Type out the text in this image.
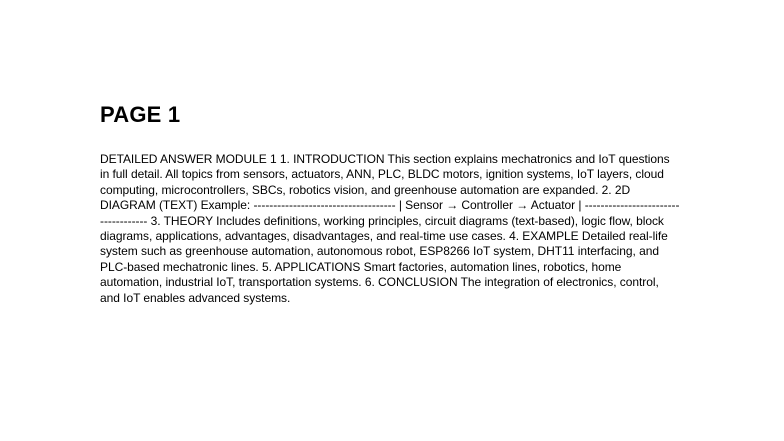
PAGE 1

DETAILED ANSWER MODULE 1 1. INTRODUCTION This section explains mechatronics and IoT questions in full detail. All topics from sensors, actuators, ANN, PLC, BLDC motors, ignition systems, IoT layers, cloud computing, microcontrollers, SBCs, robotics vision, and greenhouse automation are expanded. 2. 2D DIAGRAM (TEXT) Example: ------------------------------------ | Sensor → Controller → Actuator | ------------------------------------ 3. THEORY Includes definitions, working principles, circuit diagrams (text-based), logic flow, block diagrams, applications, advantages, disadvantages, and real-time use cases. 4. EXAMPLE Detailed real-life system such as greenhouse automation, autonomous robot, ESP8266 IoT system, DHT11 interfacing, and PLC-based mechatronic lines. 5. APPLICATIONS Smart factories, automation lines, robotics, home automation, industrial IoT, transportation systems. 6. CONCLUSION The integration of electronics, control, and IoT enables advanced systems.
